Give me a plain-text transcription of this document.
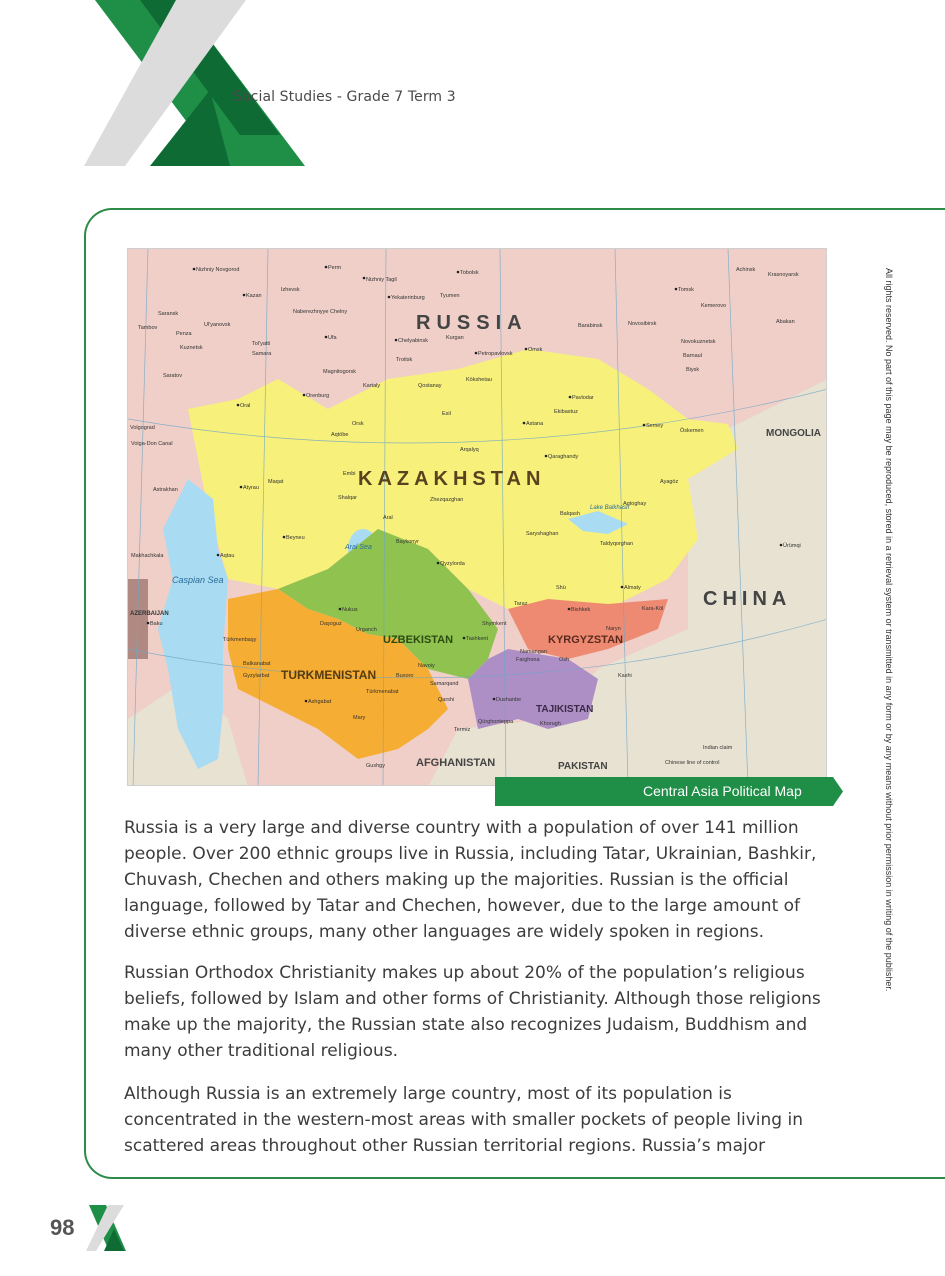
Social Studies - Grade 7 Term 3
RUSSIA
KAZAKHSTAN
MONGOLIA
CHINA
KYRGYZSTAN
UZBEKISTAN
TURKMENISTAN
TAJIKISTAN
AFGHANISTAN	PAKISTAN
AZERBAIJAN
Caspian Sea
Aral Sea
Lake Balkhash
Nizhniy Novgorod	Perm
Nizhniy Tagil
Tobolsk	Achinsk
Krasnoyarsk
Kazan
Izhevsk
Yekaterinburg	Tyumen
Tomsk
Kemerovo
Saransk	Naberezhnyye Chelny
Barabinsk	Novosibirsk	Abakan
Tambov	Ul'yanovsk
Ufa	Chelyabinsk	Kurgan
Novokuznetsk
Penza
Tol'yatti
Kuznetsk
Samara
Troitsk
Petropavlovsk
Omsk
Barnaul
Biysk
Saratov
Magnitogorsk
Kökshetau
Kartaly	Qostanay
Pavlodar
Oral
Orenburg
Ekibastuz
Orsk
Esil
Volgograd
Astana	Semey
Öskemen
Aqtöbe
Arqalyq
Qaraghandy
Astrakhan
Embi
Atyrau
Maqat
Shalqar	Zhezqazghan
Ayagöz
Balqash
Aqtoghay
Aral
Saryshaghan
Ürümqi
Beyneu
Baykonyr	Taldyqorghan
Makhachkala	Aqtau
Qyzylorda
Shü	Almaty
Baku
Taraz
Bishkek	Kara-Köl
Nukus
Shymkent
Daşoguz
Urganch
Türkmenbaşy	Tashkent
Naryn
Namangan
Farghona	Osh
Navoiy
Balkanabat
Buxoro
Samarqand
Kashi
Gyzylarbat
Türkmenabat
Qarshi
Ashgabat	Dushanbe
Mary
Qürghonteppa	Khorugh
Termiz
Gushgy
Indian claim
Chinese line of control
Volga-Don Canal
Central Asia Political Map

Russia is a very large and diverse country with a population of over 141 million people. Over 200 ethnic groups live in Russia, including Tatar, Ukrainian, Bashkir, Chuvash, Chechen and others making up the majorities. Russian is the official language, followed by Tatar and Chechen, however, due to the large amount of diverse ethnic groups, many other languages are widely spoken in regions.

Russian Orthodox Christianity makes up about 20% of the population’s religious beliefs, followed by Islam and other forms of Christianity. Although those religions make up the majority, the Russian state also recognizes Judaism, Buddhism and many other traditional religious.

Although Russia is an extremely large country, most of its population is concentrated in the western-most areas with smaller pockets of people living in scattered areas throughout other Russian territorial regions. Russia’s major

All rights reserved. No part of this page may be reproduced, stored in a retrieval system or transmitted in any form or by any means without prior permission in writing of the publisher.
98
